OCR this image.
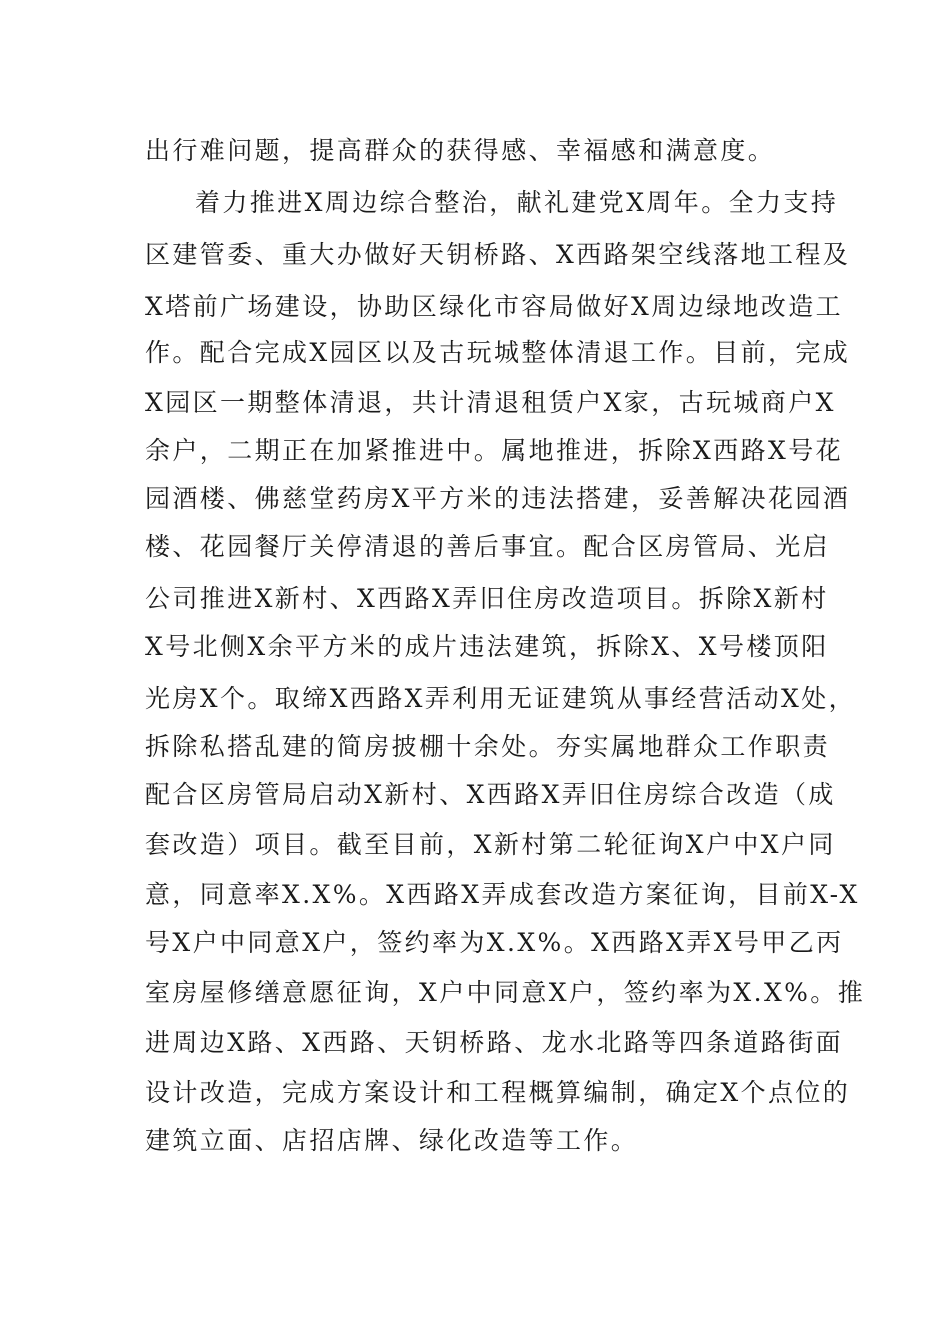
出行难问题，提高群众的获得感、幸福感和满意度。
着力推进X周边综合整治，献礼建党X周年。全力支持
区建管委、重大办做好天钥桥路、X西路架空线落地工程及
X塔前广场建设，协助区绿化市容局做好X周边绿地改造工
作。配合完成X园区以及古玩城整体清退工作。目前，完成
X园区一期整体清退，共计清退租赁户X家，古玩城商户X
余户，二期正在加紧推进中。属地推进，拆除X西路X号花
园酒楼、佛慈堂药房X平方米的违法搭建，妥善解决花园酒
楼、花园餐厅关停清退的善后事宜。配合区房管局、光启
公司推进X新村、X西路X弄旧住房改造项目。拆除X新村
X号北侧X余平方米的成片违法建筑，拆除X、X号楼顶阳
光房X个。取缔X西路X弄利用无证建筑从事经营活动X处，
拆除私搭乱建的简房披棚十余处。夯实属地群众工作职责
配合区房管局启动X新村、X西路X弄旧住房综合改造（成
套改造）项目。截至目前，X新村第二轮征询X户中X户同
意，同意率X.X%。X西路X弄成套改造方案征询，目前X-X
号X户中同意X户，签约率为X.X%。X西路X弄X号甲乙丙
室房屋修缮意愿征询，X户中同意X户，签约率为X.X%。推
进周边X路、X西路、天钥桥路、龙水北路等四条道路街面
设计改造，完成方案设计和工程概算编制，确定X个点位的
建筑立面、店招店牌、绿化改造等工作。
